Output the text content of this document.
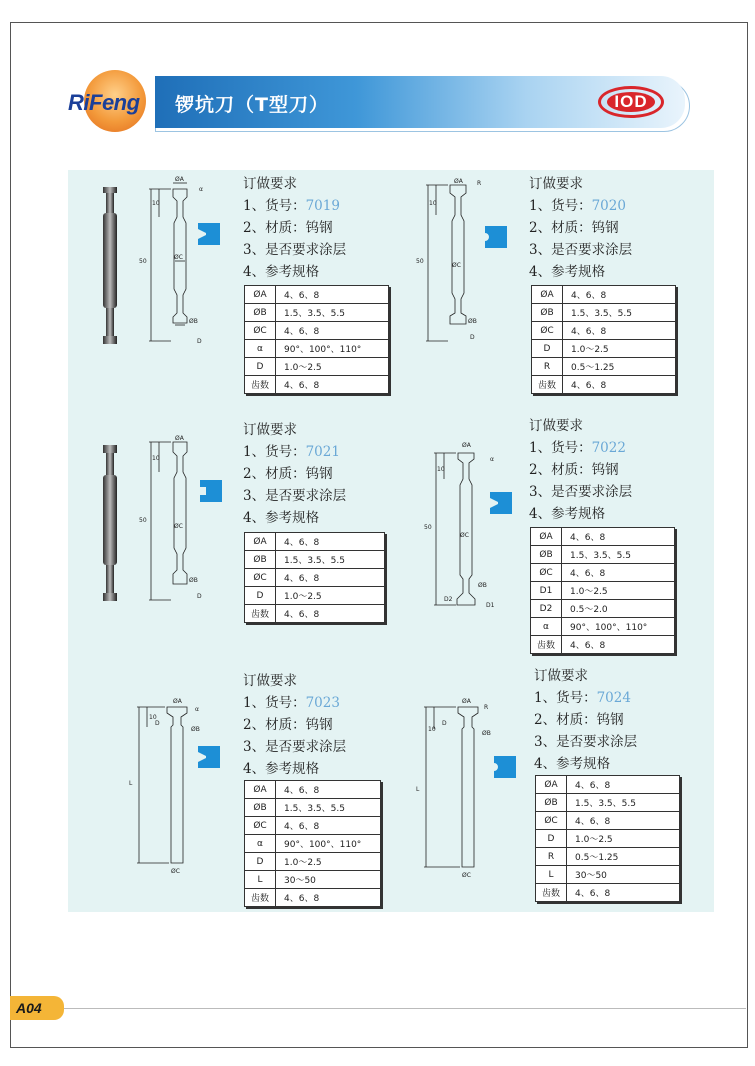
RiFeng 锣坑刀（T型刀）	IOD
ØA
10
50
ØC
ØB
D
α	订做要求
1、货号：7019
2、材质：钨钢
3、是否要求涂层
4、参考规格
ØA	4、6、8
ØB	1.5、3.5、5.5
ØC	4、6、8
α	90°、100°、110°
D	1.0～2.5
齿数	4、6、8
ØA R
10
50
ØC
ØB
D
订做要求
1、货号：7020
2、材质：钨钢
3、是否要求涂层
4、参考规格
ØA	4、6、8
ØB	1.5、3.5、5.5
ØC	4、6、8
D	1.0～2.5
R	0.5～1.25
齿数	4、6、8
ØA
10
50
ØC
ØB
D
订做要求
1、货号：7021
2、材质：钨钢
3、是否要求涂层
4、参考规格
ØA	4、6、8
ØB	1.5、3.5、5.5
ØC	4、6、8
D	1.0～2.5
齿数	4、6、8
ØA
α
10
50
ØC
ØB
D2
D1
订做要求
1、货号：7022
2、材质：钨钢
3、是否要求涂层
4、参考规格
ØA	4、6、8
ØB	1.5、3.5、5.5
ØC	4、6、8
D1	1.0～2.5
D2	0.5～2.0
α	90°、100°、110°
齿数	4、6、8
ØA
α
10
D
ØB
L
ØC
订做要求
1、货号：7023
2、材质：钨钢
3、是否要求涂层
4、参考规格
ØA	4、6、8
ØB	1.5、3.5、5.5
ØC	4、6、8
α	90°、100°、110°
D	1.0～2.5
L	30～50
齿数	4、6、8
ØA
R
10
D
ØB
L
ØC
订做要求
1、货号：7024
2、材质：钨钢
3、是否要求涂层
4、参考规格
ØA	4、6、8
ØB	1.5、3.5、5.5
ØC	4、6、8
D	1.0～2.5
R	0.5～1.25
L	30～50
齿数	4、6、8
A04
